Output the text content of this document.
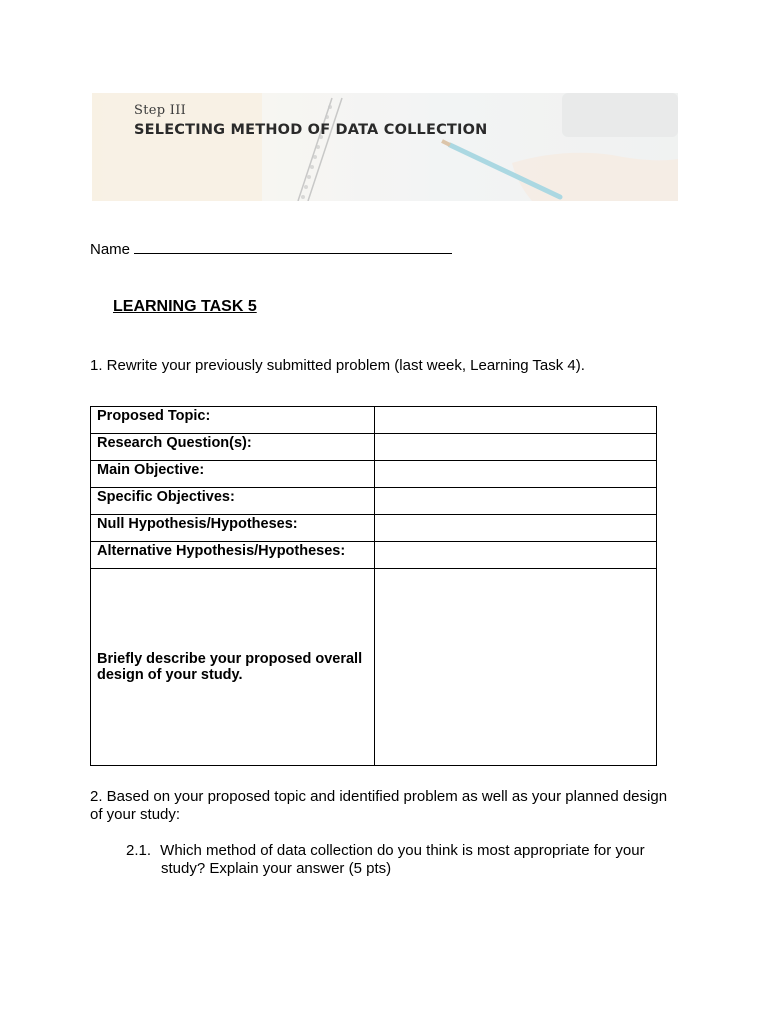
Step III
SELECTING METHOD OF DATA COLLECTION
Name
LEARNING TASK 5
1. Rewrite your previously submitted problem (last week, Learning Task 4).
Proposed Topic:	
Research Question(s):	
Main Objective:	
Specific Objectives:	
Null Hypothesis/Hypotheses:	
Alternative Hypothesis/Hypotheses:	
Briefly describe your proposed overall design of your study.	
2. Based on your proposed topic and identified problem as well as your planned design of your study:
2.1. Which method of data collection do you think is most appropriate for your
study? Explain your answer (5 pts)
